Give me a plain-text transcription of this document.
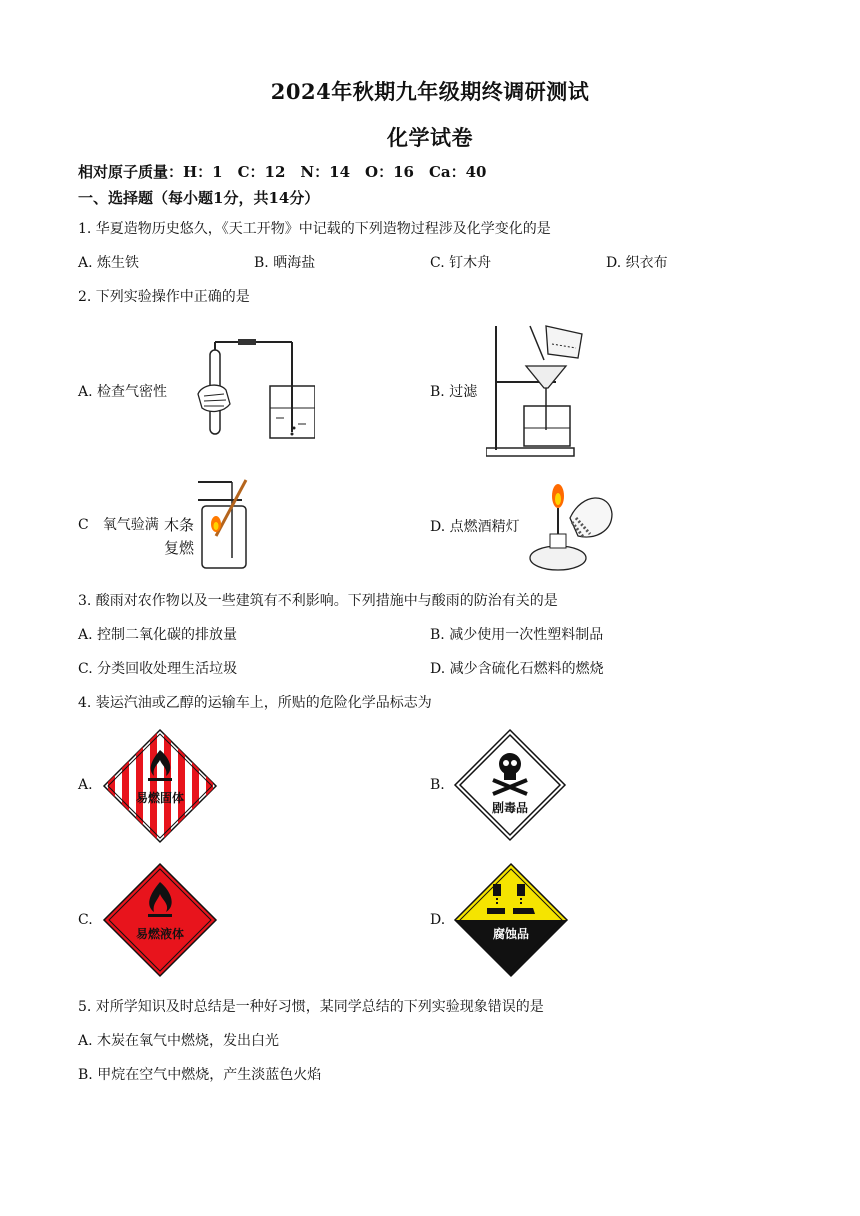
2024年秋期九年级期终调研测试
化学试卷
相对原子质量：H：1　C：12　N：14　O：16　Ca：40
一、选择题（每小题1分，共14分）
1. 华夏造物历史悠久，《天工开物》中记载的下列造物过程涉及化学变化的是
A. 炼生铁	B. 晒海盐	C. 钉木舟	D. 织衣布
2. 下列实验操作中正确的是
A. 检查气密性	B. 过滤
C　氧气验满 木条
复燃
D. 点燃酒精灯
3. 酸雨对农作物以及一些建筑有不利影响。下列措施中与酸雨的防治有关的是
A. 控制二氧化碳的排放量	B. 减少使用一次性塑料制品
C. 分类回收处理生活垃圾	D. 减少含硫化石燃料的燃烧
4. 装运汽油或乙醇的运输车上，所贴的危险化学品标志为
A.
易燃固体
B.
剧毒品
C.
易燃液体
D.
腐蚀品
5. 对所学知识及时总结是一种好习惯，某同学总结的下列实验现象错误的是
A. 木炭在氧气中燃烧，发出白光
B. 甲烷在空气中燃烧，产生淡蓝色火焰
